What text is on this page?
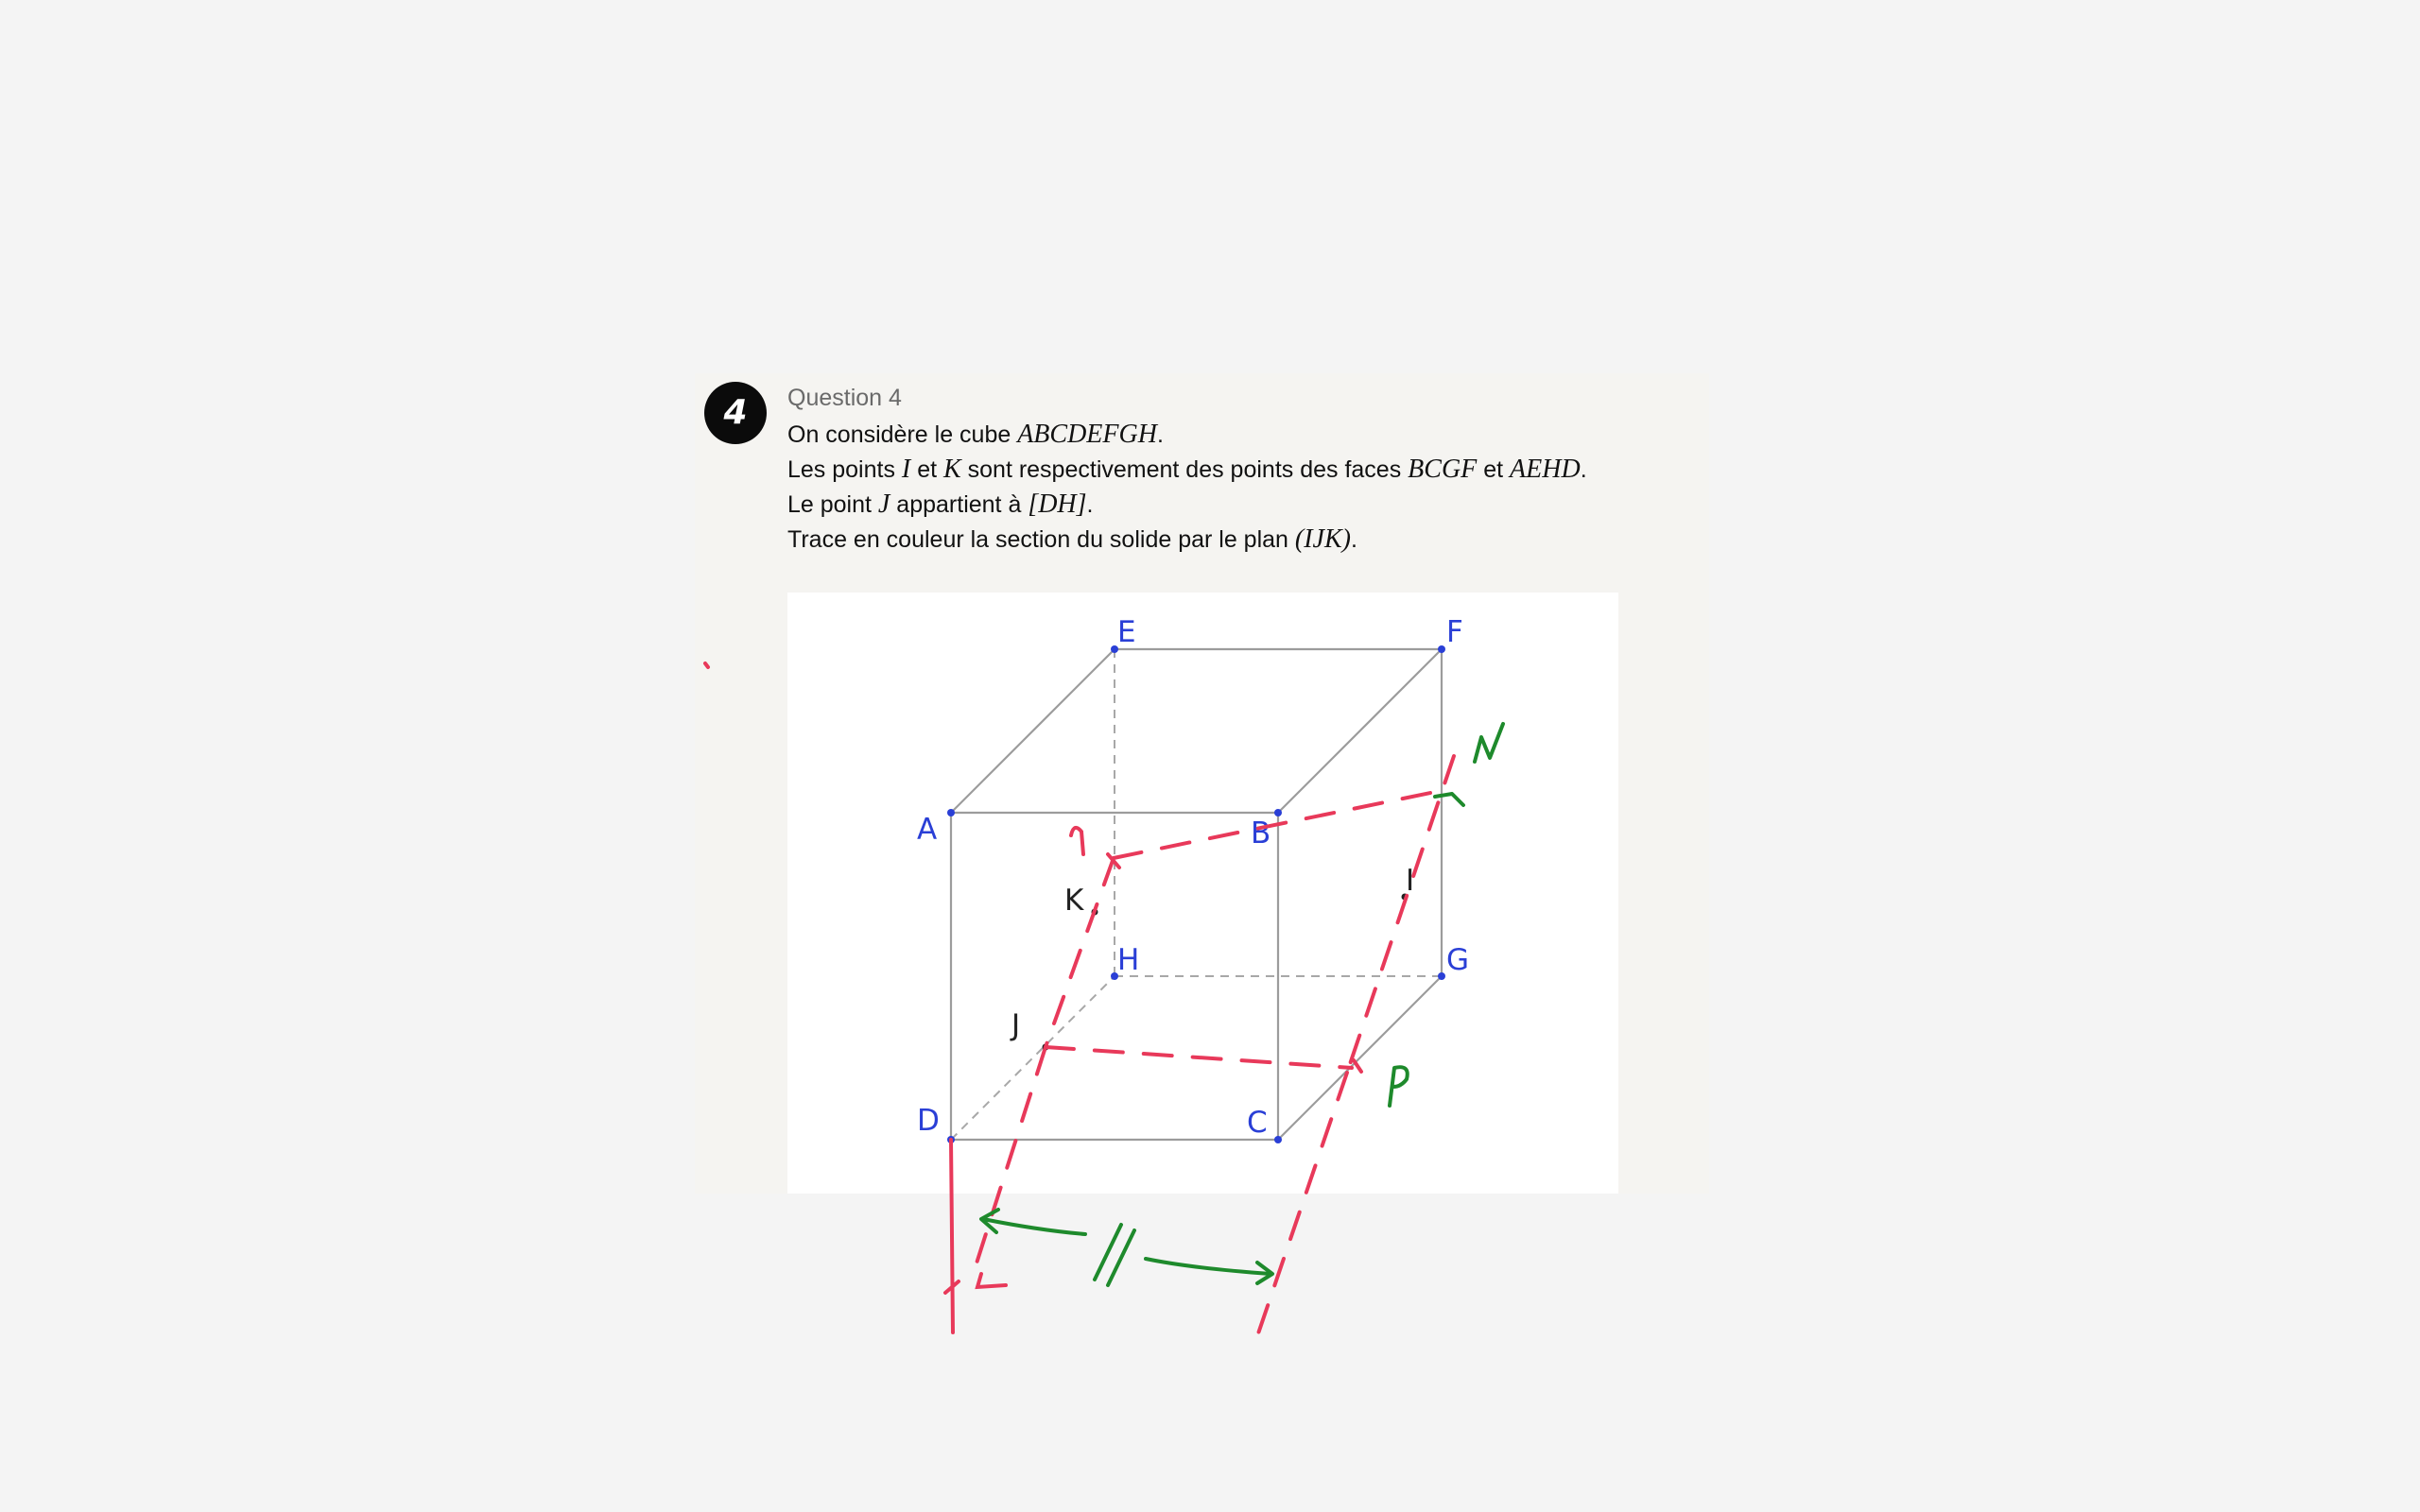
4	Question 4
On considère le cube ABCDEFGH.
Les points I et K sont respectivement des points des faces BCGF et AEHD.
Le point J appartient à [DH].
Trace en couleur la section du solide par le plan (IJK).
A	B
C
D
E	F
G
H
K
I
J
